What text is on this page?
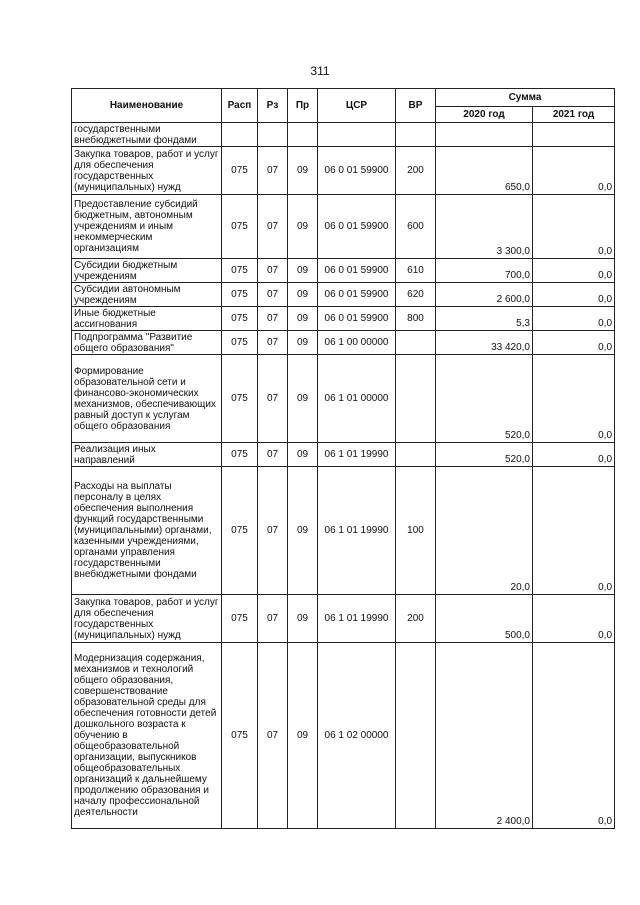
311
Наименование	Расп	Рз	Пр	ЦСР	ВР	Сумма	
						2020 год	2021 год
государственными внебюджетными фондами							
Закупка товаров, работ и услуг для обеспечения государственных (муниципальных) нужд	075	07	09	06 0 01 59900	200	650,0	0,0
Предоставление субсидий бюджетным, автономным учреждениям и иным некоммерческим организациям	075	07	09	06 0 01 59900	600	3 300,0	0,0
Субсидии бюджетным учреждениям	075	07	09	06 0 01 59900	610	700,0	0,0
Субсидии автономным учреждениям	075	07	09	06 0 01 59900	620	2 600,0	0,0
Иные бюджетные ассигнования	075	07	09	06 0 01 59900	800	5,3	0,0
Подпрограмма "Развитие общего образования"	075	07	09	06 1 00 00000		33 420,0	0,0
Формирование образовательной сети и финансово-экономических механизмов, обеспечивающих равный доступ к услугам общего образования	075	07	09	06 1 01 00000		520,0	0,0
Реализация иных направлений	075	07	09	06 1 01 19990		520,0	0,0
Расходы на выплаты персоналу в целях обеспечения выполнения функций государственными (муниципальными) органами, казенными учреждениями, органами управления государственными внебюджетными фондами	075	07	09	06 1 01 19990	100	20,0	0,0
Закупка товаров, работ и услуг для обеспечения государственных (муниципальных) нужд	075	07	09	06 1 01 19990	200	500,0	0,0
Модернизация содержания, механизмов и технологий общего образования, совершенствование образовательной среды для обеспечения готовности детей дошкольного возраста к обучению в общеобразовательной организации, выпускников общеобразовательных организаций к дальнейшему продолжению образования и началу профессиональной деятельности	075	07	09	06 1 02 00000		2 400,0	0,0
